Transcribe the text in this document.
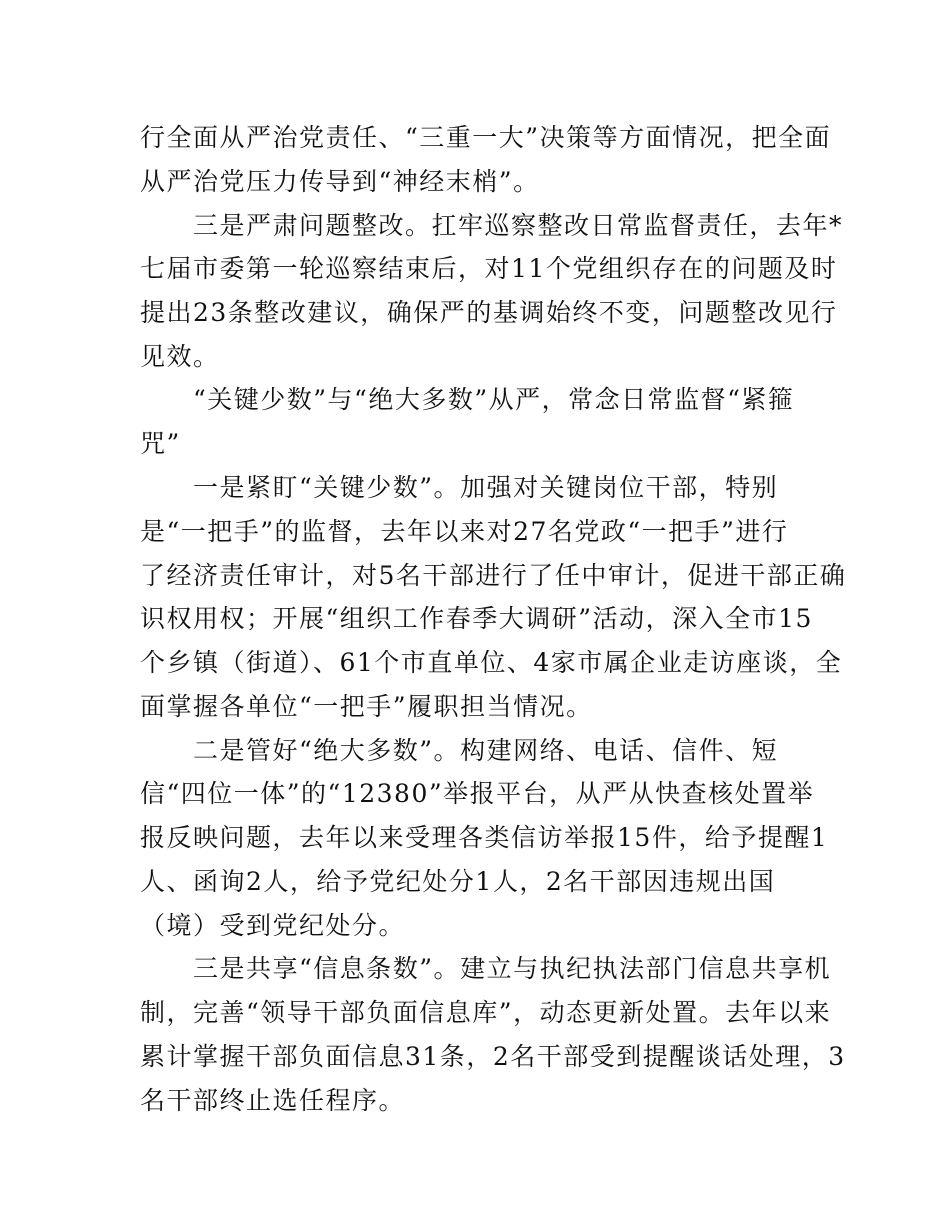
行全面从严治党责任、“三重一大”决策等方面情况，把全面
从严治党压力传导到“神经末梢”。
　　三是严肃问题整改。扛牢巡察整改日常监督责任，去年*
七届市委第一轮巡察结束后，对11个党组织存在的问题及时
提出23条整改建议，确保严的基调始终不变，问题整改见行
见效。
　　“关键少数”与“绝大多数”从严，常念日常监督“紧箍
咒”
　　一是紧盯“关键少数”。加强对关键岗位干部，特别
是“一把手”的监督，去年以来对27名党政“一把手”进行
了经济责任审计，对5名干部进行了任中审计，促进干部正确
识权用权；开展“组织工作春季大调研”活动，深入全市15
个乡镇（街道）、61个市直单位、4家市属企业走访座谈，全
面掌握各单位“一把手”履职担当情况。
　　二是管好“绝大多数”。构建网络、电话、信件、短
信“四位一体”的“12380”举报平台，从严从快查核处置举
报反映问题，去年以来受理各类信访举报15件，给予提醒1
人、函询2人，给予党纪处分1人，2名干部因违规出国
（境）受到党纪处分。
　　三是共享“信息条数”。建立与执纪执法部门信息共享机
制，完善“领导干部负面信息库”，动态更新处置。去年以来
累计掌握干部负面信息31条，2名干部受到提醒谈话处理，3
名干部终止选任程序。
